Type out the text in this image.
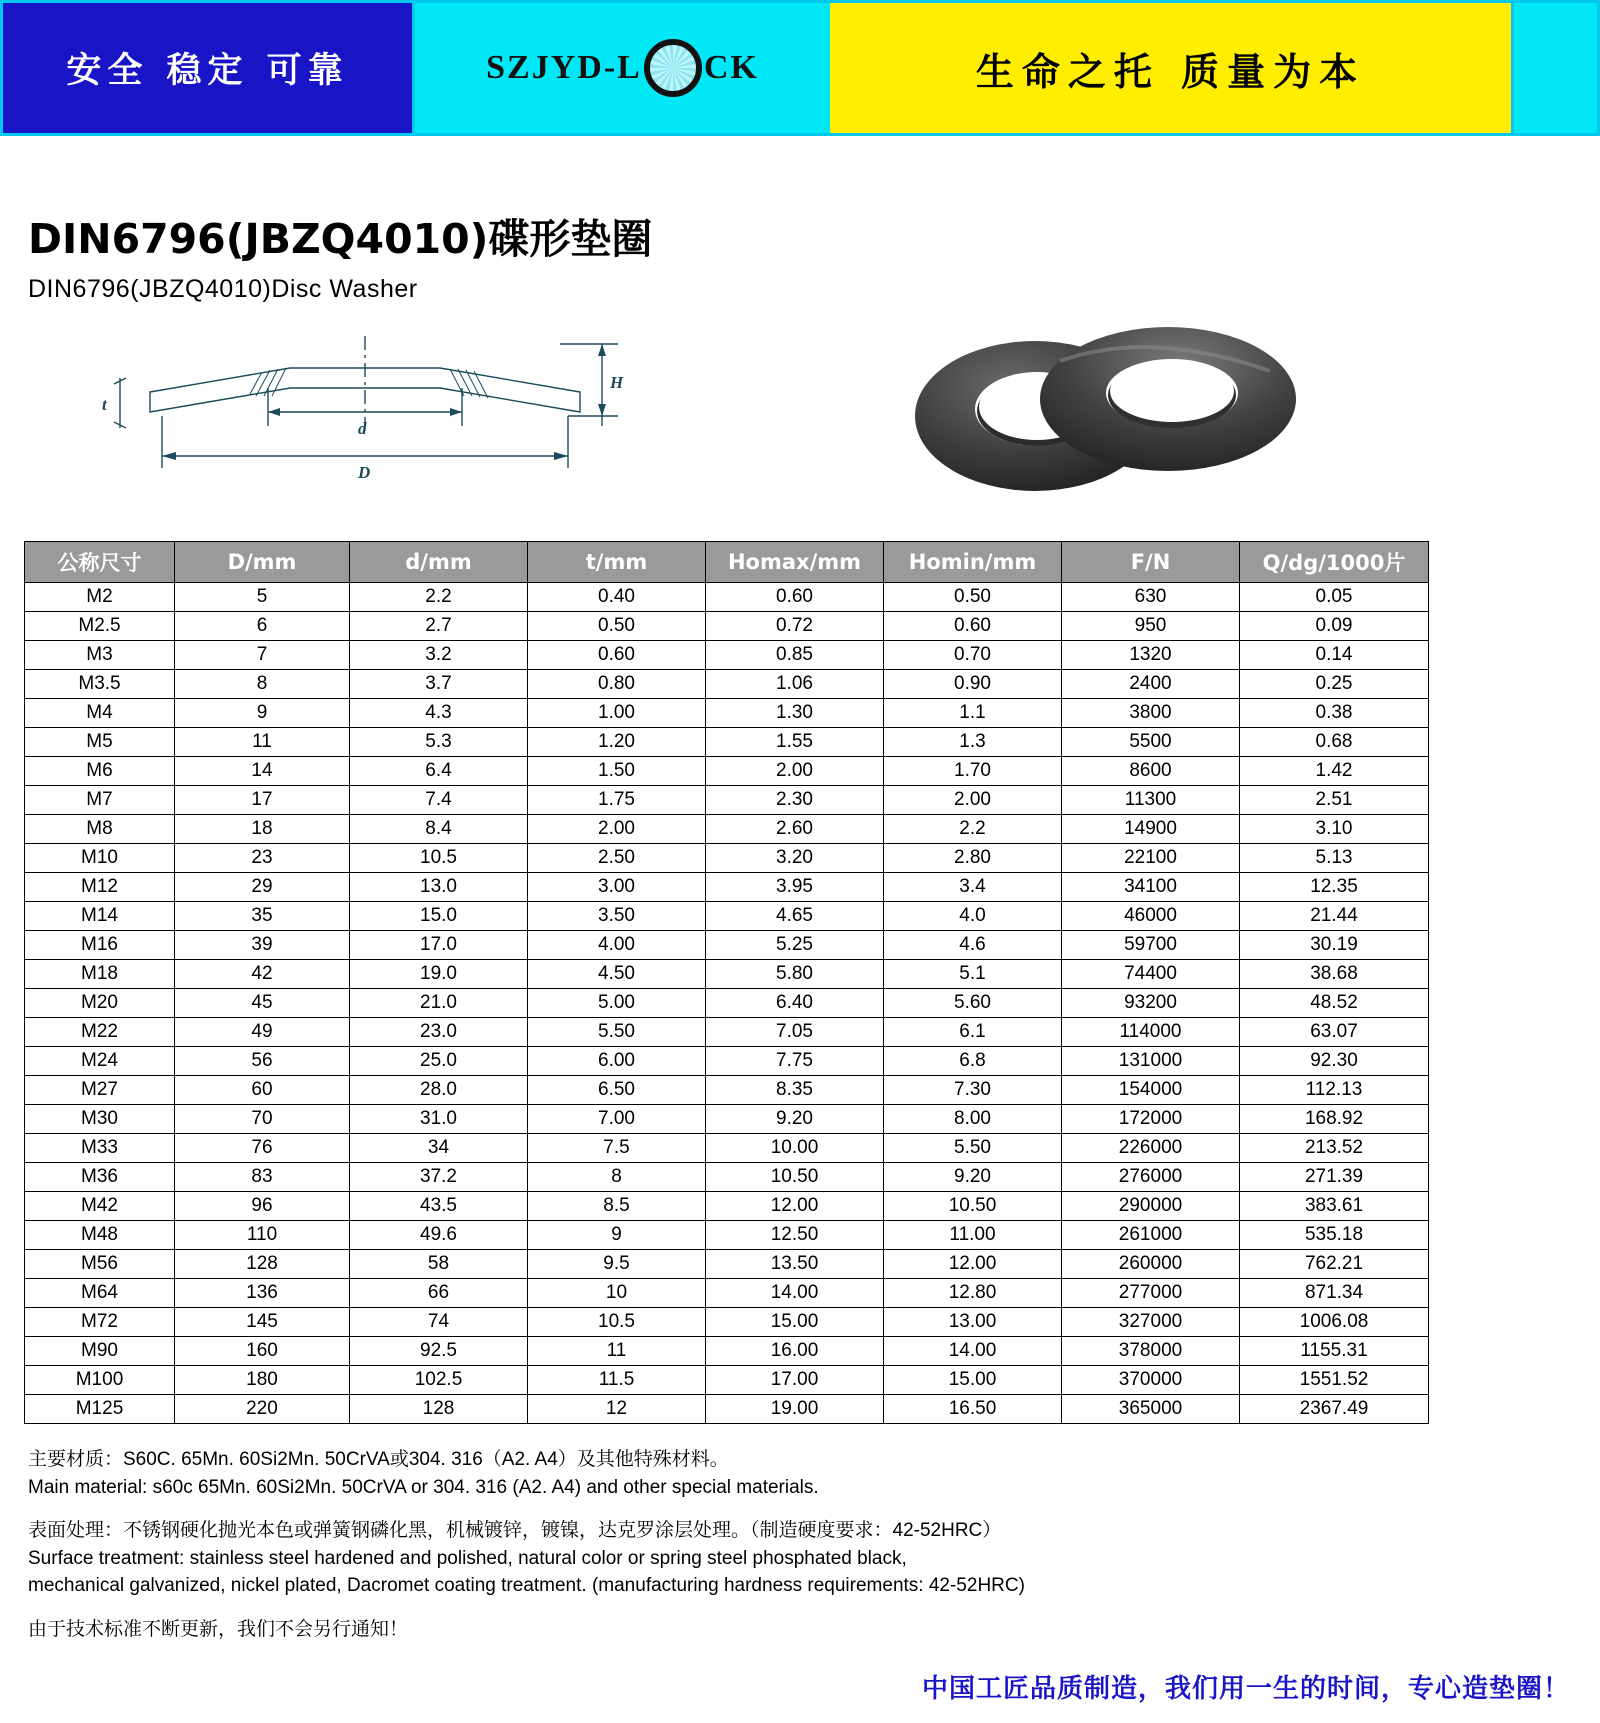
安全 稳定 可靠	SZJYD-L CK	生命之托 质量为本
DIN6796(JBZQ4010)碟形垫圈
DIN6796(JBZQ4010)Disc Washer
t
d
D
H
公称尺寸	D/mm	d/mm	t/mm	Homax/mm	Homin/mm	F/N	Q/dg/1000片
M2	5	2.2	0.40	0.60	0.50	630	0.05
M2.5	6	2.7	0.50	0.72	0.60	950	0.09
M3	7	3.2	0.60	0.85	0.70	1320	0.14
M3.5	8	3.7	0.80	1.06	0.90	2400	0.25
M4	9	4.3	1.00	1.30	1.1	3800	0.38
M5	11	5.3	1.20	1.55	1.3	5500	0.68
M6	14	6.4	1.50	2.00	1.70	8600	1.42
M7	17	7.4	1.75	2.30	2.00	11300	2.51
M8	18	8.4	2.00	2.60	2.2	14900	3.10
M10	23	10.5	2.50	3.20	2.80	22100	5.13
M12	29	13.0	3.00	3.95	3.4	34100	12.35
M14	35	15.0	3.50	4.65	4.0	46000	21.44
M16	39	17.0	4.00	5.25	4.6	59700	30.19
M18	42	19.0	4.50	5.80	5.1	74400	38.68
M20	45	21.0	5.00	6.40	5.60	93200	48.52
M22	49	23.0	5.50	7.05	6.1	114000	63.07
M24	56	25.0	6.00	7.75	6.8	131000	92.30
M27	60	28.0	6.50	8.35	7.30	154000	112.13
M30	70	31.0	7.00	9.20	8.00	172000	168.92
M33	76	34	7.5	10.00	5.50	226000	213.52
M36	83	37.2	8	10.50	9.20	276000	271.39
M42	96	43.5	8.5	12.00	10.50	290000	383.61
M48	110	49.6	9	12.50	11.00	261000	535.18
M56	128	58	9.5	13.50	12.00	260000	762.21
M64	136	66	10	14.00	12.80	277000	871.34
M72	145	74	10.5	15.00	13.00	327000	1006.08
M90	160	92.5	11	16.00	14.00	378000	1155.31
M100	180	102.5	11.5	17.00	15.00	370000	1551.52
M125	220	128	12	19.00	16.50	365000	2367.49

主要材质：S60C. 65Mn. 60Si2Mn. 50CrVA或304. 316（A2. A4）及其他特殊材料。

Main material: s60c 65Mn. 60Si2Mn. 50CrVA or 304. 316 (A2. A4) and other special materials.

表面处理：不锈钢硬化抛光本色或弹簧钢磷化黑，机械镀锌，镀镍，达克罗涂层处理。（制造硬度要求：42-52HRC）

Surface treatment: stainless steel hardened and polished, natural color or spring steel phosphated black,

mechanical galvanized, nickel plated, Dacromet coating treatment. (manufacturing hardness requirements: 42-52HRC)

由于技术标准不断更新，我们不会另行通知！

中国工匠品质制造，我们用一生的时间，专心造垫圈！
